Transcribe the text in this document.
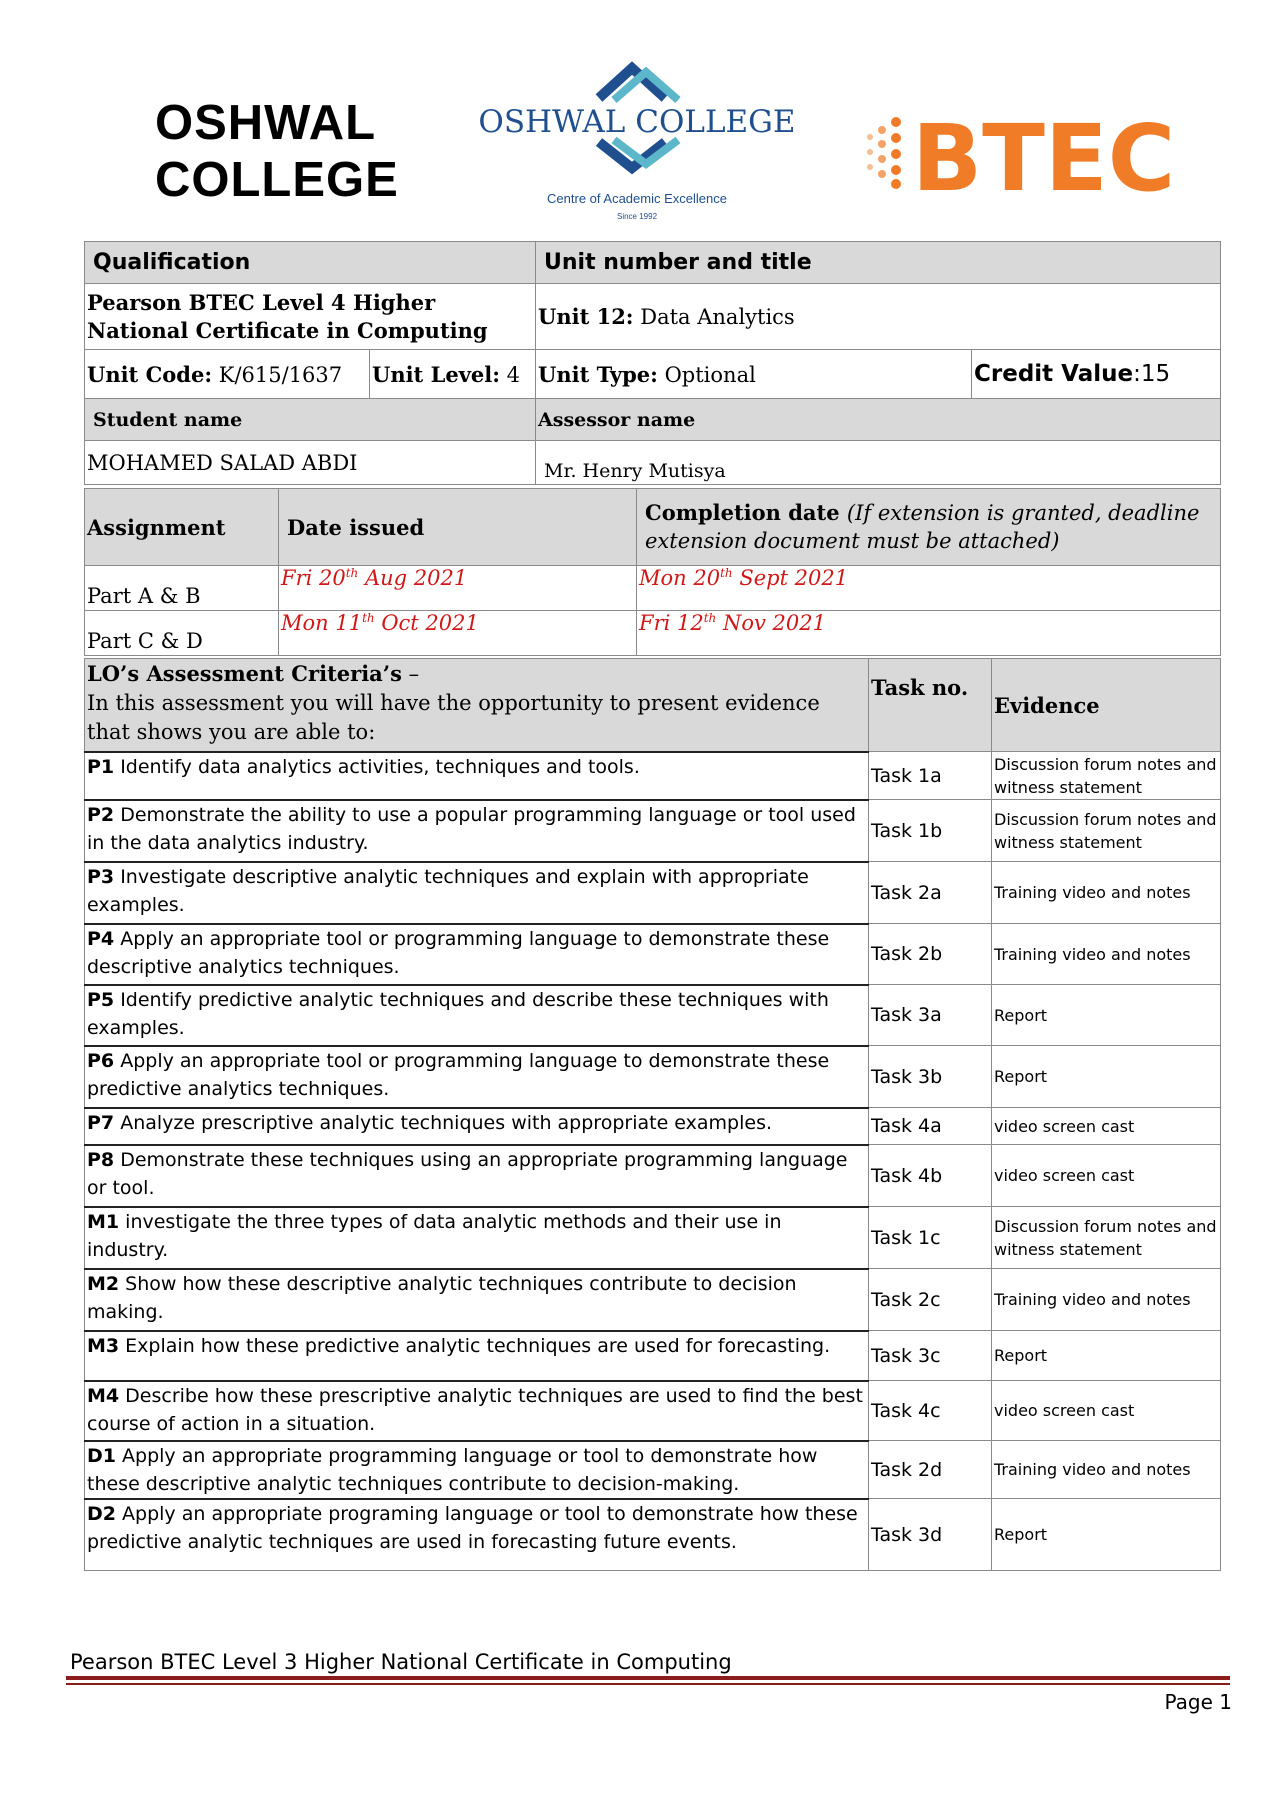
OSHWAL
COLLEGE
OSHWAL COLLEGE
Centre of Academic Excellence
Since 1992
BTEC
Qualification		Unit number and title	
Pearson BTEC Level 4 Higher National Certificate in Computing		Unit 12: Data Analytics	
Unit Code: K/615/1637	Unit Level: 4	Unit Type: Optional	Credit Value:15
Student name		Assessor name	
MOHAMED SALAD ABDI		Mr. Henry Mutisya	
Assignment	Date issued	Completion date (If extension is granted, deadline extension document must be attached)
Part A & B	Fri 20th Aug 2021	Mon 20th Sept 2021
Part C & D	Mon 11th Oct 2021	Fri 12th Nov 2021
LO’s Assessment Criteria’s –
In this assessment you will have the opportunity to present evidence that shows you are able to:	Task no.	Evidence
P1 Identify data analytics activities, techniques and tools.	Task 1a	Discussion forum notes and witness statement
P2 Demonstrate the ability to use a popular programming language or tool used in the data analytics industry.	Task 1b	Discussion forum notes and witness statement
P3 Investigate descriptive analytic techniques and explain with appropriate examples.	Task 2a	Training video and notes
P4 Apply an appropriate tool or programming language to demonstrate these descriptive analytics techniques.	Task 2b	Training video and notes
P5 Identify predictive analytic techniques and describe these techniques with examples.	Task 3a	Report
P6 Apply an appropriate tool or programming language to demonstrate these predictive analytics techniques.	Task 3b	Report
P7 Analyze prescriptive analytic techniques with appropriate examples.	Task 4a	video screen cast
P8 Demonstrate these techniques using an appropriate programming language or tool.	Task 4b	video screen cast
M1 investigate the three types of data analytic methods and their use in industry.	Task 1c	Discussion forum notes and witness statement
M2 Show how these descriptive analytic techniques contribute to decision making.	Task 2c	Training video and notes
M3 Explain how these predictive analytic techniques are used for forecasting.	Task 3c	Report
M4 Describe how these prescriptive analytic techniques are used to find the best course of action in a situation.	Task 4c	video screen cast
D1 Apply an appropriate programming language or tool to demonstrate how these descriptive analytic techniques contribute to decision-making.	Task 2d	Training video and notes
D2 Apply an appropriate programing language or tool to demonstrate how these predictive analytic techniques are used in forecasting future events.	Task 3d	Report
Pearson BTEC Level 3 Higher National Certificate in Computing
Page 1
